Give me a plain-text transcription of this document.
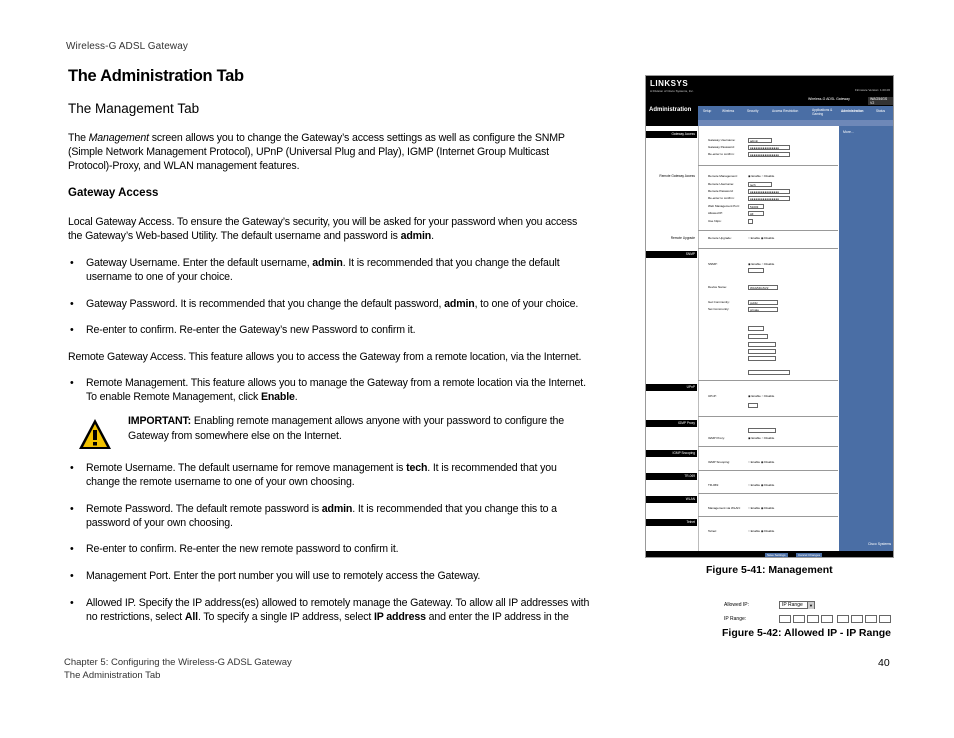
Wireless-G ADSL Gateway
The Administration Tab
The Management Tab
The Management screen allows you to change the Gateway’s access settings as well as configure the SNMP (Simple Network Management Protocol), UPnP (Universal Plug and Play), IGMP (Internet Group Multicast Protocol)-Proxy, and WLAN management features.
Gateway Access
Local Gateway Access. To ensure the Gateway’s security, you will be asked for your password when you access the Gateway’s Web-based Utility. The default username and password is admin.
• Gateway Username. Enter the default username, admin. It is recommended that you change the default username to one of your choice.
• Gateway Password. It is recommended that you change the default password, admin, to one of your choice.
• Re-enter to confirm. Re-enter the Gateway’s new Password to confirm it.
Remote Gateway Access. This feature allows you to access the Gateway from a remote location, via the Internet.
• Remote Management. This feature allows you to manage the Gateway from a remote location via the Internet. To enable Remote Management, click Enable.
IMPORTANT: Enabling remote management allows anyone with your password to configure the Gateway from somewhere else on the Internet.
• Remote Username. The default username for remove management is tech. It is recommended that you change the remote username to one of your own choosing.
• Remote Password. The default remote password is admin. It is recommended that you change this to a password of your own choosing.
• Re-enter to confirm. Re-enter the new remote password to confirm it.
• Management Port. Enter the port number you will use to remotely access the Gateway.
• Allowed IP. Specify the IP address(es) allowed to remotely manage the Gateway. To allow all IP addresses with no restrictions, select All. To specify a single IP address, select IP address and enter the IP address in the
LINKSYS
A Division of Cisco Systems, Inc.	Firmware Version: 1.00.06
Administration
Wireless-G ADSL Gateway	WAG54GS V2
Setup	Wireless	Security	Access Restriction	Applications & Gaming
Administration	Status
Gateway Access
Remote Gateway Access
Remote Upgrade
SNMP
UPnP
IGMP Proxy
IGMP Snooping
TR-069
WLAN
Telnet
Gateway Username:	admin
Gateway Password:	●●●●●●●●●●●●●●●●
Re-enter to confirm:	●●●●●●●●●●●●●●●●
Remote Management:	◉ Enable ○ Disable
Remote Username:	tech
Remote Password:	●●●●●●●●●●●●●●●●
Re-enter to confirm:	●●●●●●●●●●●●●●●●
Web Management Port:	51003
Allowed IP:	All
Use https:
Remote Upgrade:	○ Enable ◉ Disable
SNMP:	◉ Enable ○ Disable
Device Name:	WAG54GSV2
Get Community:	public
Set Community:	private
UPnP:	◉ Enable ○ Disable
IGMP Proxy:	◉ Enable ○ Disable
IGMP Snooping:	○ Enable ◉ Disable
TR-069:	○ Enable ◉ Disable
Management via WLAN: ○ Enable ◉ Disable
Telnet:	○ Enable ◉ Disable
More...
Cisco Systems
Save Settings	Cancel Changes
Figure 5-41: Management
Allowed IP:	IP Range	▼
IP Range:
Figure 5-42: Allowed IP - IP Range
Chapter 5: Configuring the Wireless-G ADSL Gateway
The Administration Tab
40
